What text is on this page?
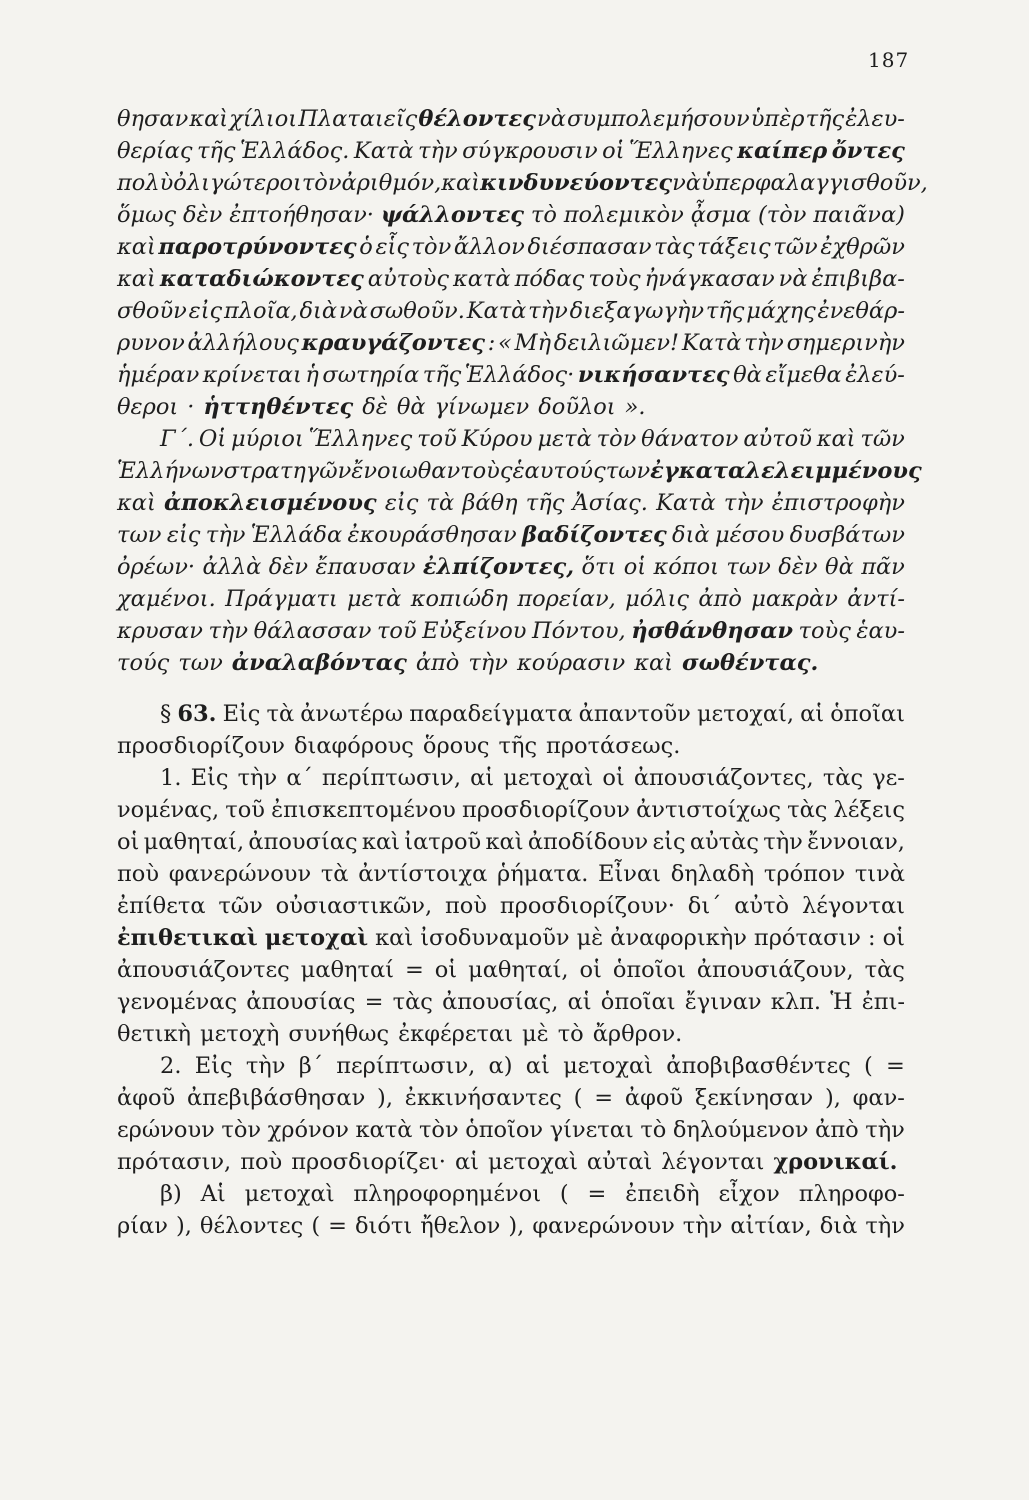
187
θησαν καὶ χίλιοι Πλαταιεῖς θέλοντες νὰ συμπολεμήσουν ὑπὲρ τῆς ἐλευ-
θερίας τῆς Ἑλλάδος. Κατὰ τὴν σύγκρουσιν οἱ Ἕλληνες καίπερ ὄντες
πολὺ ὀλιγώτεροι τὸν ἀριθμόν, καὶ κινδυνεύοντες νὰ ὑπερφαλαγγισθοῦν,
ὅμως δὲν ἐπτοήθησαν· ψάλλοντες τὸ πολεμικὸν ᾆσμα (τὸν παιᾶνα)
καὶ παροτρύνοντες ὁ εἷς τὸν ἄλλον διέσπασαν τὰς τάξεις τῶν ἐχθρῶν
καὶ καταδιώκοντες αὐτοὺς κατὰ πόδας τοὺς ἠνάγκασαν νὰ ἐπιβιβα-
σθοῦν εἰς πλοῖα, διὰ νὰ σωθοῦν. Κατὰ τὴν διεξαγωγὴν τῆς μάχης ἐνεθάρ-
ρυνον ἀλλήλους κραυγάζοντες : « Μὴ δειλιῶμεν! Κατὰ τὴν σημερινὴν
ἡμέραν κρίνεται ἡ σωτηρία τῆς Ἑλλάδος· νικήσαντες θὰ εἴμεθα ἐλεύ-
θεροι · ἡττηθέντες δὲ θὰ γίνωμεν δοῦλοι ».
Γ΄. Οἱ μύριοι Ἕλληνες τοῦ Κύρου μετὰ τὸν θάνατον αὐτοῦ καὶ τῶν
Ἑλλήνων στρατηγῶν ἔνοιωθαν τοὺς ἑαυτούς των ἐγκαταλελειμμένους
καὶ ἀποκλεισμένους εἰς τὰ βάθη τῆς Ἀσίας. Κατὰ τὴν ἐπιστροφὴν
των εἰς τὴν Ἑλλάδα ἐκουράσθησαν βαδίζοντες διὰ μέσου δυσβάτων
ὀρέων· ἀλλὰ δὲν ἔπαυσαν ἐλπίζοντες, ὅτι οἱ κόποι των δὲν θὰ πᾶν
χαμένοι. Πράγματι μετὰ κοπιώδη πορείαν, μόλις ἀπὸ μακρὰν ἀντί-
κρυσαν τὴν θάλασσαν τοῦ Εὐξείνου Πόντου, ἠσθάνθησαν τοὺς ἑαυ-
τούς των ἀναλαβόντας ἀπὸ τὴν κούρασιν καὶ σωθέντας.
§ 63. Εἰς τὰ ἀνωτέρω παραδείγματα ἀπαντοῦν μετοχαί, αἱ ὁποῖαι
προσδιορίζουν διαφόρους ὅρους τῆς προτάσεως.
1. Εἰς τὴν α΄ περίπτωσιν, αἱ μετοχαὶ οἱ ἀπουσιάζοντες, τὰς γε-
νομένας, τοῦ ἐπισκεπτομένου προσδιορίζουν ἀντιστοίχως τὰς λέξεις
οἱ μαθηταί, ἀπουσίας καὶ ἰατροῦ καὶ ἀποδίδουν εἰς αὐτὰς τὴν ἔννοιαν,
ποὺ φανερώνουν τὰ ἀντίστοιχα ῥήματα. Εἶναι δηλαδὴ τρόπον τινὰ
ἐπίθετα τῶν οὐσιαστικῶν, ποὺ προσδιορίζουν· δι΄ αὐτὸ λέγονται
ἐπιθετικαὶ μετοχαὶ καὶ ἰσοδυναμοῦν μὲ ἀναφορικὴν πρότασιν : οἱ
ἀπουσιάζοντες μαθηταί = οἱ μαθηταί, οἱ ὁποῖοι ἀπουσιάζουν, τὰς
γενομένας ἀπουσίας = τὰς ἀπουσίας, αἱ ὁποῖαι ἔγιναν κλπ. Ἡ ἐπι-
θετικὴ μετοχὴ συνήθως ἐκφέρεται μὲ τὸ ἄρθρον.
2. Εἰς τὴν β΄ περίπτωσιν, α) αἱ μετοχαὶ ἀποβιβασθέντες ( =
ἀφοῦ ἀπεβιβάσθησαν ), ἐκκινήσαντες ( = ἀφοῦ ξεκίνησαν ), φαν-
ερώνουν τὸν χρόνον κατὰ τὸν ὁποῖον γίνεται τὸ δηλούμενον ἀπὸ τὴν
πρότασιν, ποὺ προσδιορίζει· αἱ μετοχαὶ αὐταὶ λέγονται χρονικαί.
β) Αἱ μετοχαὶ πληροφορημένοι ( = ἐπειδὴ εἶχον πληροφο-
ρίαν ), θέλοντες ( = διότι ἤθελον ), φανερώνουν τὴν αἰτίαν, διὰ τὴν
